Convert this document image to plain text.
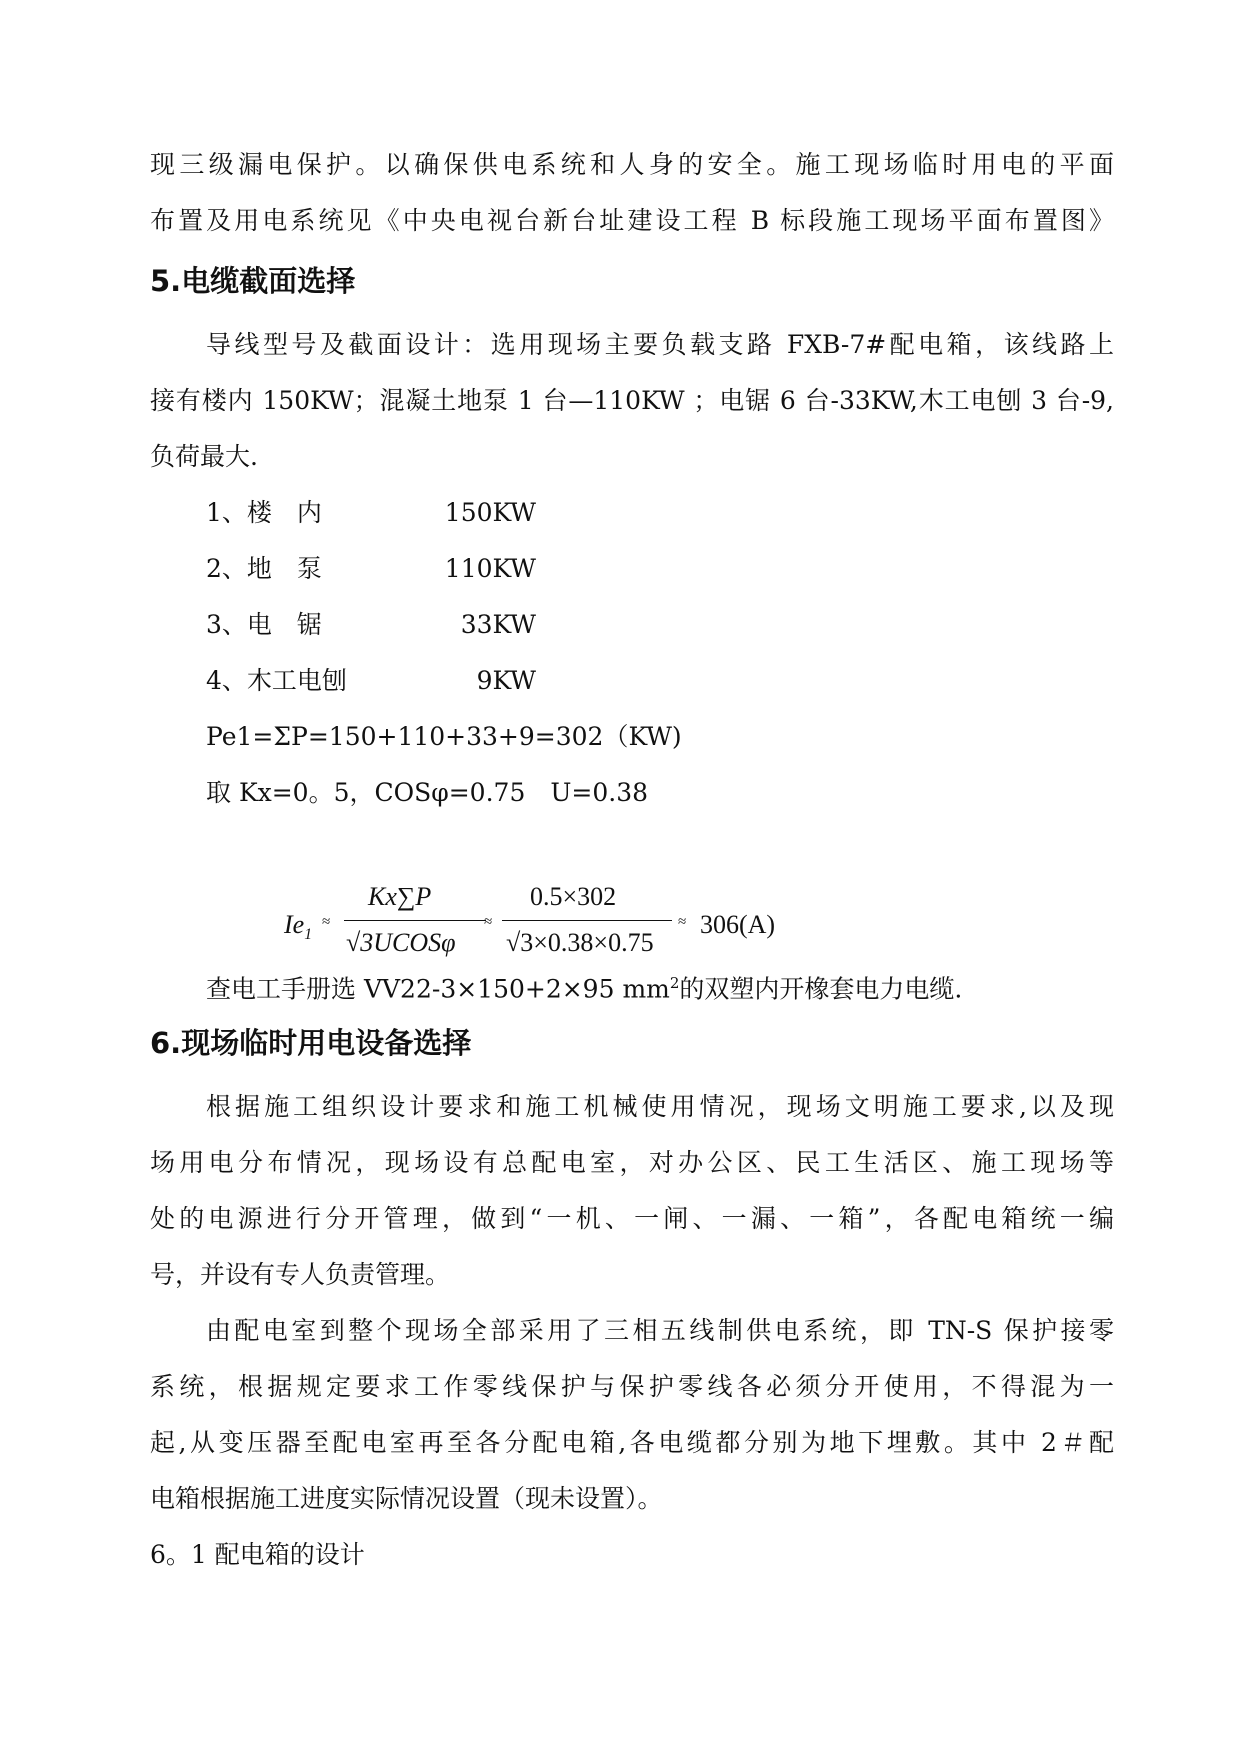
现三级漏电保护。以确保供电系统和人身的安全。施工现场临时用电的平面
布置及用电系统见《中央电视台新台址建设工程 B 标段施工现场平面布置图》
5.电缆截面选择
导线型号及截面设计：选用现场主要负载支路 FXB-7#配电箱，该线路上
接有楼内 150KW；混凝土地泵 1 台—110KW ；电锯 6 台-33KW,木工电刨 3 台-9,
负荷最大.
1、楼　内	150KW
2、地　泵	110KW
3、电　锯	33KW
4、木工电刨	9KW
Pe1=ΣP=150+110+33+9=302（KW)
取 Kx=0。5，COSφ=0.75　U=0.38
$Ie_1$
≈
Kx∑P
√3UCOSφ
≈
0.5×302
√3×0.38×0.75
≈ 306(A)
查电工手册选 VV22-3×150+2×95 $mm^2$的双塑内开橡套电力电缆.
6.现场临时用电设备选择
根据施工组织设计要求和施工机械使用情况，现场文明施工要求,以及现
场用电分布情况，现场设有总配电室，对办公区、民工生活区、施工现场等
处的电源进行分开管理，做到“一机、一闸、一漏、一箱”，各配电箱统一编
号，并设有专人负责管理。
由配电室到整个现场全部采用了三相五线制供电系统，即 TN-S 保护接零
系统，根据规定要求工作零线保护与保护零线各必须分开使用，不得混为一
起,从变压器至配电室再至各分配电箱,各电缆都分别为地下埋敷。其中 2＃配
电箱根据施工进度实际情况设置（现未设置）。
6。1 配电箱的设计
